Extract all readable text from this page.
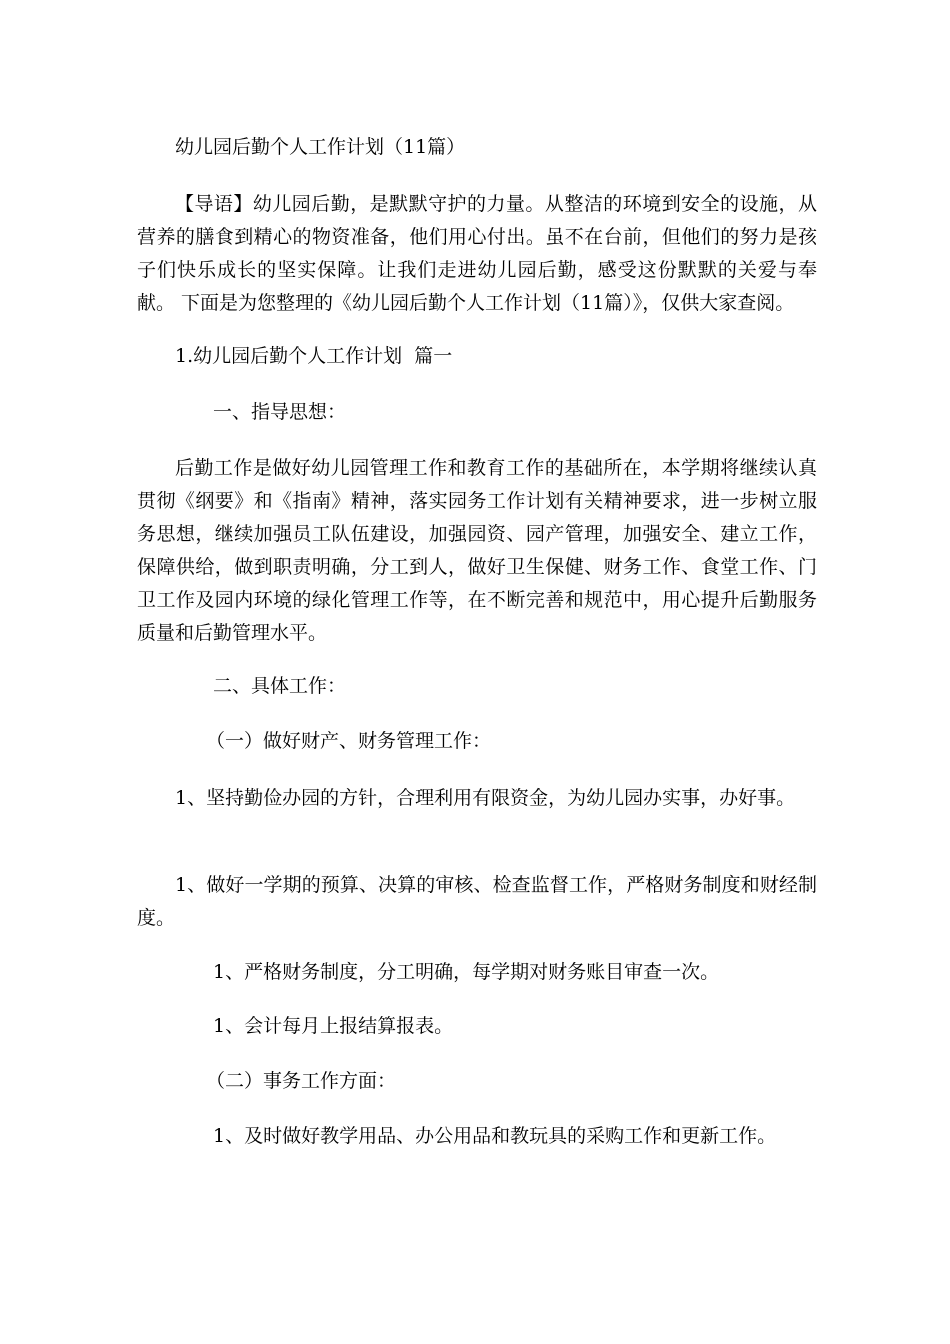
幼儿园后勤个人工作计划（11篇）

【导语】幼儿园后勤，是默默守护的力量。从整洁的环境到安全的设施，从营养的膳食到精心的物资准备，他们用心付出。虽不在台前，但他们的努力是孩子们快乐成长的坚实保障。让我们走进幼儿园后勤，感受这份默默的关爱与奉献。 下面是为您整理的《幼儿园后勤个人工作计划（11篇）》，仅供大家查阅。

1.幼儿园后勤个人工作计划  篇一
一、指导思想：

后勤工作是做好幼儿园管理工作和教育工作的基础所在，本学期将继续认真贯彻《纲要》和《指南》精神，落实园务工作计划有关精神要求，进一步树立服务思想，继续加强员工队伍建设，加强园资、园产管理，加强安全、建立工作，保障供给，做到职责明确，分工到人，做好卫生保健、财务工作、食堂工作、门卫工作及园内环境的绿化管理工作等，在不断完善和规范中，用心提升后勤服务质量和后勤管理水平。

二、具体工作：
（一）做好财产、财务管理工作：

1、坚持勤俭办园的方针，合理利用有限资金，为幼儿园办实事，办好事。

1、做好一学期的预算、决算的审核、检查监督工作，严格财务制度和财经制度。

1、严格财务制度，分工明确，每学期对财务账目审查一次。
1、会计每月上报结算报表。
（二）事务工作方面：
1、及时做好教学用品、办公用品和教玩具的采购工作和更新工作。
